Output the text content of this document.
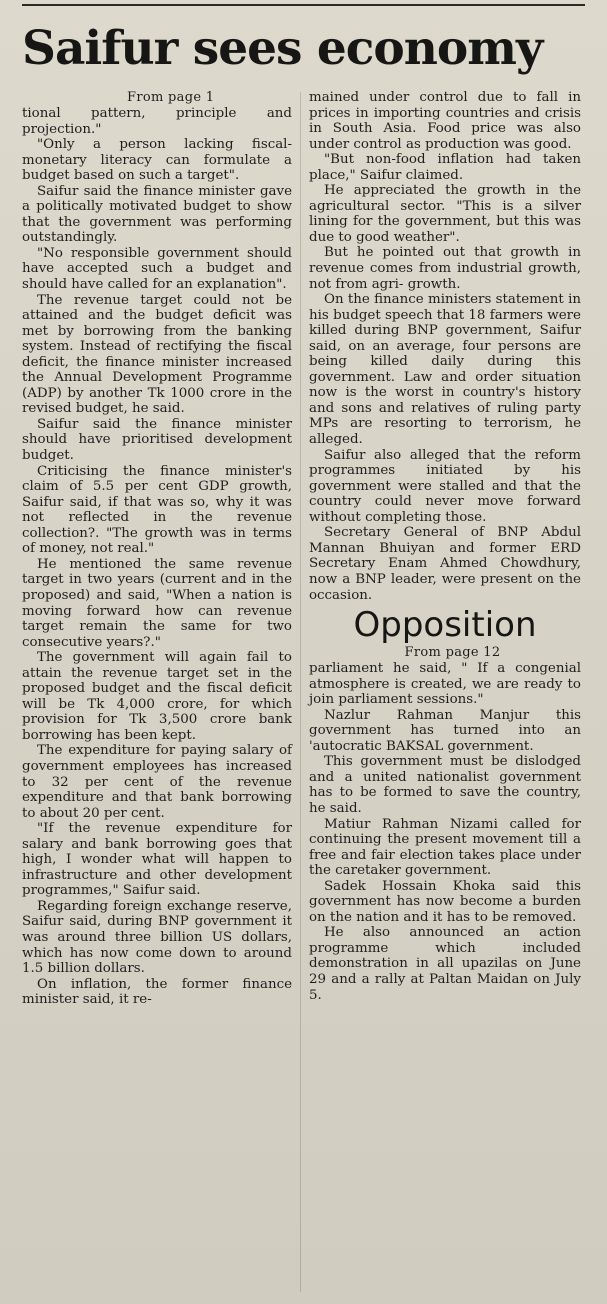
Saifur sees economy

From page 1

tional pattern, principle and projection."

"Only a person lacking fiscal-monetary literacy can formulate a budget based on such a target".

Saifur said the finance minister gave a politically motivated budget to show that the government was performing outstandingly.

"No responsible government should have accepted such a budget and should have called for an explanation".

The revenue target could not be attained and the budget deficit was met by borrowing from the banking system. Instead of rectifying the fiscal deficit, the finance minister increased the Annual Development Programme (ADP) by another Tk 1000 crore in the revised budget, he said.

Saifur said the finance minister should have prioritised development budget.

Criticising the finance minister's claim of 5.5 per cent GDP growth, Saifur said, if that was so, why it was not reflected in the revenue collection?. "The growth was in terms of money, not real."

He mentioned the same revenue target in two years (current and in the proposed) and said, "When a nation is moving forward how can revenue target remain the same for two consecutive years?."

The government will again fail to attain the revenue target set in the proposed budget and the fiscal deficit will be Tk 4,000 crore, for which provision for Tk 3,500 crore bank borrowing has been kept.

The expenditure for paying salary of government employees has increased to 32 per cent of the revenue expenditure and that bank borrowing to about 20 per cent.

"If the revenue expenditure for salary and bank borrowing goes that high, I wonder what will happen to infrastructure and other development programmes," Saifur said.

Regarding foreign exchange reserve, Saifur said, during BNP government it was around three billion US dollars, which has now come down to around 1.5 billion dollars.

On inflation, the former finance minister said, it re-

mained under control due to fall in prices in importing countries and crisis in South Asia. Food price was also under control as production was good.

"But non-food inflation had taken place," Saifur claimed.

He appreciated the growth in the agricultural sector. "This is a silver lining for the government, but this was due to good weather".

But he pointed out that growth in revenue comes from industrial growth, not from agri- growth.

On the finance ministers statement in his budget speech that 18 farmers were killed during BNP government, Saifur said, on an average, four persons are being killed daily during this government. Law and order situation now is the worst in country's history and sons and relatives of ruling party MPs are resorting to terrorism, he alleged.

Saifur also alleged that the reform programmes initiated by his government were stalled and that the country could never move forward without completing those.

Secretary General of BNP Abdul Mannan Bhuiyan and former ERD Secretary Enam Ahmed Chowdhury, now a BNP leader, were present on the occasion.

Opposition

From page 12

parliament he said, " If a congenial atmosphere is created, we are ready to join parliament sessions."

Nazlur Rahman Manjur this government has turned into an 'autocratic BAKSAL government.

This government must be dislodged and a united nationalist government has to be formed to save the country, he said.

Matiur Rahman Nizami called for continuing the present movement till a free and fair election takes place under the caretaker government.

Sadek Hossain Khoka said this government has now become a burden on the nation and it has to be removed.

He also announced an action programme which included demonstration in all upazilas on June 29 and a rally at Paltan Maidan on July 5.
